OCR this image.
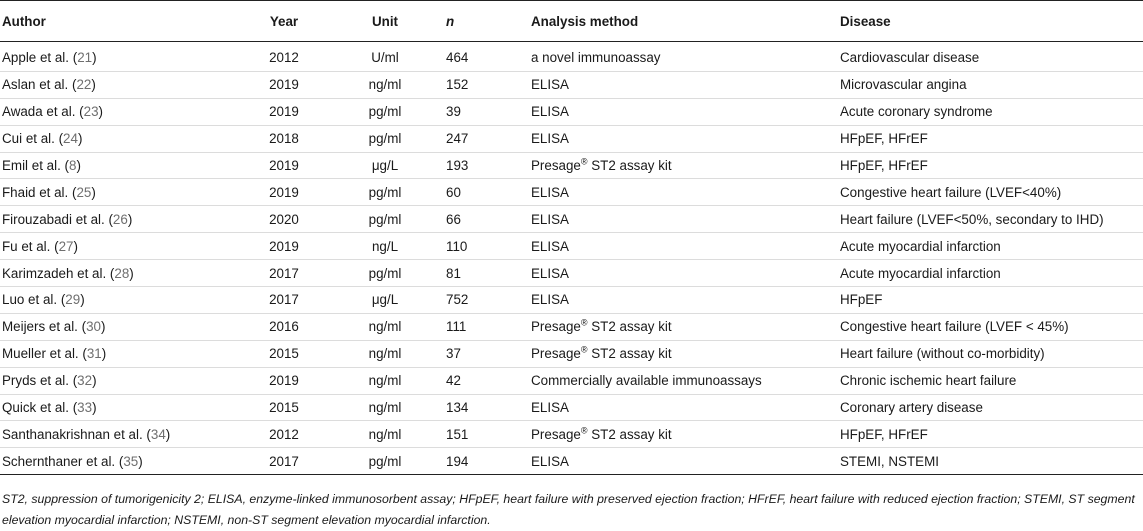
Author	Year	Unit	n	Analysis method	Disease
Apple et al. (21)	2012	U/ml	464	a novel immunoassay	Cardiovascular disease
Aslan et al. (22)	2019	ng/ml	152	ELISA	Microvascular angina
Awada et al. (23)	2019	pg/ml	39	ELISA	Acute coronary syndrome
Cui et al. (24)	2018	pg/ml	247	ELISA	HFpEF, HFrEF
Emil et al. (8)	2019	μg/L	193	Presage® ST2 assay kit	HFpEF, HFrEF
Fhaid et al. (25)	2019	pg/ml	60	ELISA	Congestive heart failure (LVEF<40%)
Firouzabadi et al. (26)	2020	pg/ml	66	ELISA	Heart failure (LVEF<50%, secondary to IHD)
Fu et al. (27)	2019	ng/L	110	ELISA	Acute myocardial infarction
Karimzadeh et al. (28)	2017	pg/ml	81	ELISA	Acute myocardial infarction
Luo et al. (29)	2017	μg/L	752	ELISA	HFpEF
Meijers et al. (30)	2016	ng/ml	111	Presage® ST2 assay kit	Congestive heart failure (LVEF < 45%)
Mueller et al. (31)	2015	ng/ml	37	Presage® ST2 assay kit	Heart failure (without co-morbidity)
Pryds et al. (32)	2019	ng/ml	42	Commercially available immunoassays	Chronic ischemic heart failure
Quick et al. (33)	2015	ng/ml	134	ELISA	Coronary artery disease
Santhanakrishnan et al. (34)	2012	ng/ml	151	Presage® ST2 assay kit	HFpEF, HFrEF
Schernthaner et al. (35)	2017	pg/ml	194	ELISA	STEMI, NSTEMI
ST2, suppression of tumorigenicity 2; ELISA, enzyme-linked immunosorbent assay; HFpEF, heart failure with preserved ejection fraction; HFrEF, heart failure with reduced ejection fraction; STEMI, ST segment elevation myocardial infarction; NSTEMI, non-ST segment elevation myocardial infarction.
